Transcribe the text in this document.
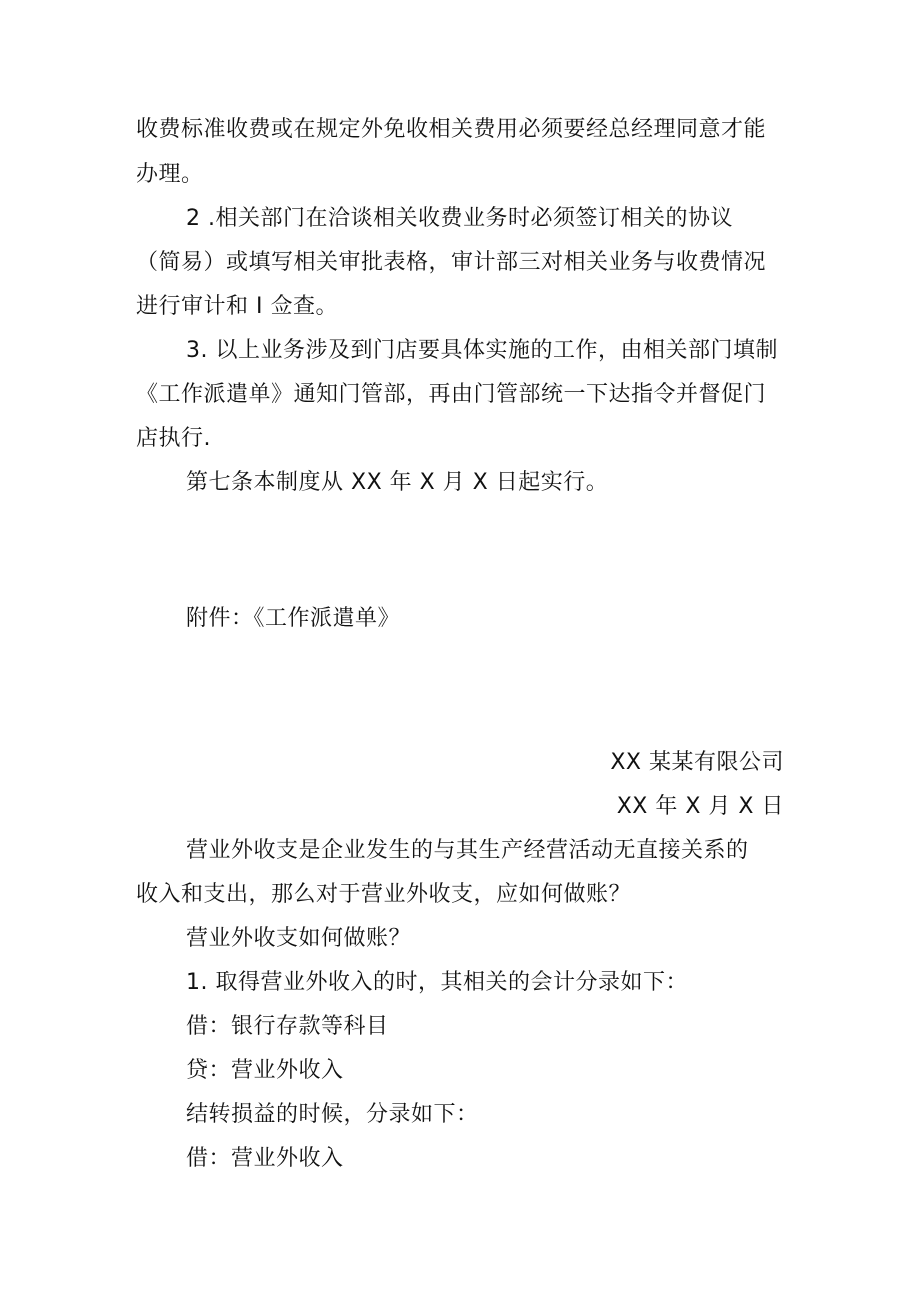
收费标准收费或在规定外免收相关费用必须要经总经理同意才能
办理。
2 .相关部门在洽谈相关收费业务时必须签订相关的协议
（简易）或填写相关审批表格，审计部三对相关业务与收费情况
进行审计和 I 佥查。
3. 以上业务涉及到门店要具体实施的工作，由相关部门填制
《工作派遣单》通知门管部，再由门管部统一下达指令并督促门
店执行.
第七条本制度从 XX 年 X 月 X 日起实行。
附件：《工作派遣单》
XX 某某有限公司
XX 年 X 月 X 日
营业外收支是企业发生的与其生产经营活动无直接关系的
收入和支出，那么对于营业外收支，应如何做账？
营业外收支如何做账？
1. 取得营业外收入的时，其相关的会计分录如下：
借：银行存款等科目
贷：营业外收入
结转损益的时候，分录如下：
借：营业外收入
